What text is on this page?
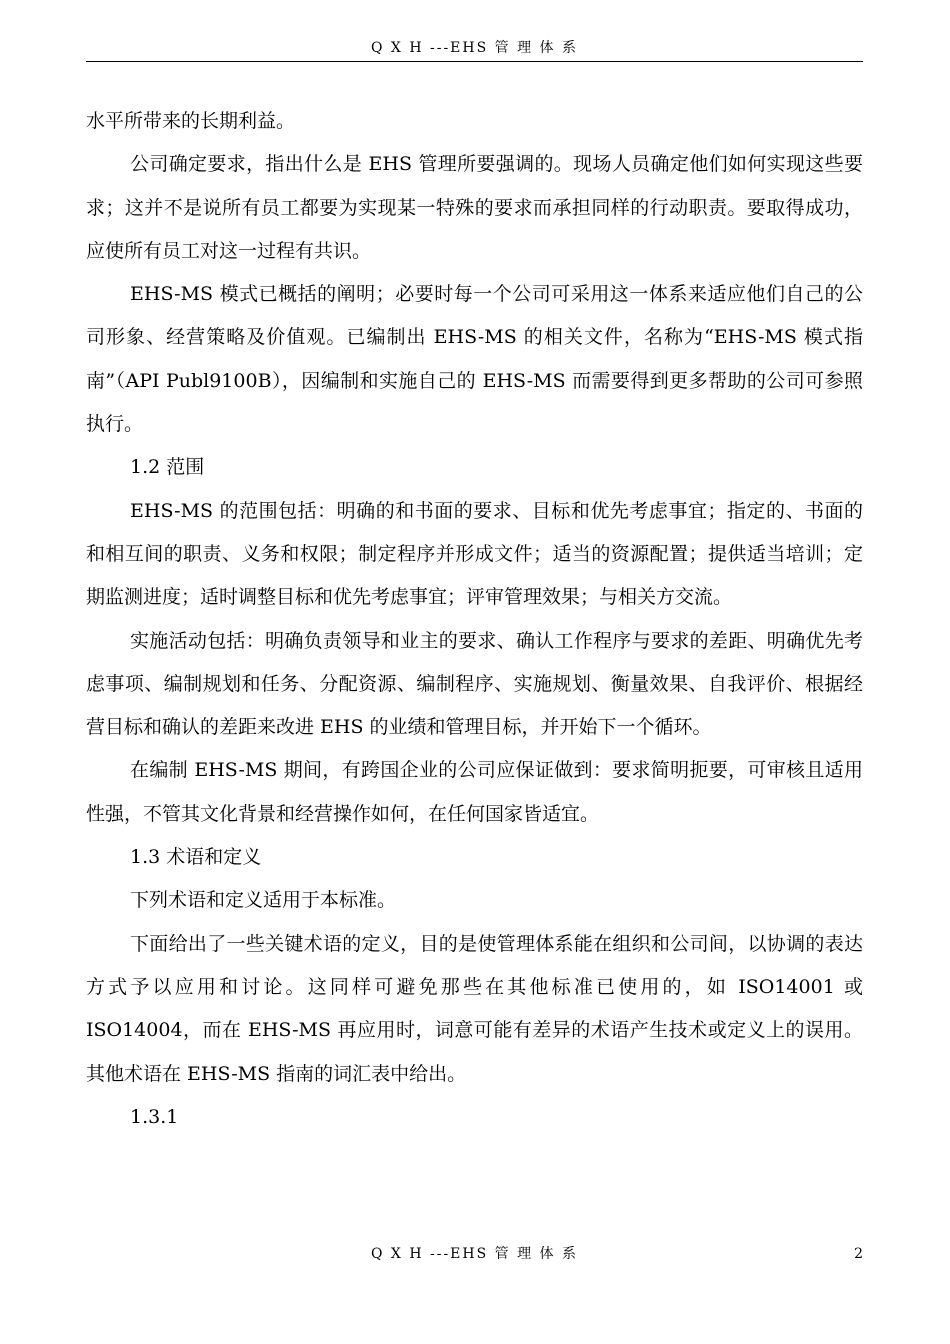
Q X H ---EHS 管 理 体 系

水平所带来的长期利益。

公司确定要求，指出什么是 EHS 管理所要强调的。现场人员确定他们如何实现这些要求；这并不是说所有员工都要为实现某一特殊的要求而承担同样的行动职责。要取得成功，应使所有员工对这一过程有共识。

EHS-MS 模式已概括的阐明；必要时每一个公司可采用这一体系来适应他们自己的公司形象、经营策略及价值观。已编制出 EHS-MS 的相关文件，名称为“EHS-MS 模式指南”（API Publ9100B），因编制和实施自己的 EHS-MS 而需要得到更多帮助的公司可参照执行。

1.2 范围

EHS-MS 的范围包括：明确的和书面的要求、目标和优先考虑事宜；指定的、书面的和相互间的职责、义务和权限；制定程序并形成文件；适当的资源配置；提供适当培训；定期监测进度；适时调整目标和优先考虑事宜；评审管理效果；与相关方交流。

实施活动包括：明确负责领导和业主的要求、确认工作程序与要求的差距、明确优先考虑事项、编制规划和任务、分配资源、编制程序、实施规划、衡量效果、自我评价、根据经营目标和确认的差距来改进 EHS 的业绩和管理目标，并开始下一个循环。

在编制 EHS-MS 期间，有跨国企业的公司应保证做到：要求简明扼要，可审核且适用性强，不管其文化背景和经营操作如何，在任何国家皆适宜。

1.3 术语和定义

下列术语和定义适用于本标准。

下面给出了一些关键术语的定义，目的是使管理体系能在组织和公司间，以协调的表达方式予以应用和讨论。这同样可避免那些在其他标准已使用的，如 ISO14001 或 ISO14004，而在 EHS-MS 再应用时，词意可能有差异的术语产生技术或定义上的误用。其他术语在 EHS-MS 指南的词汇表中给出。

1.3.1

Q X H ---EHS 管 理 体 系	2
